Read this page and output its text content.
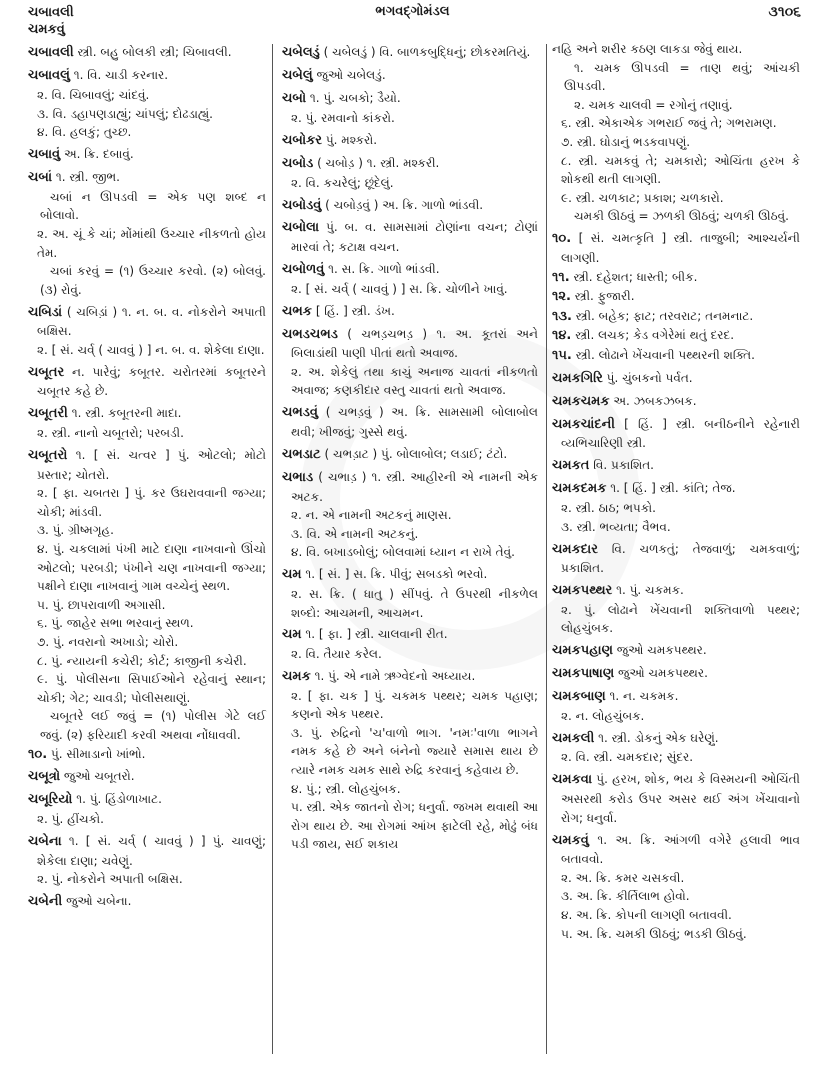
ચબાવલી
ચમકવું
ભગવદ્ગોમંડલ	૩૧૦૬
ચબાવલી સ્ત્રી. બહુ બોલકી સ્ત્રી; ચિબાવલી.
ચબાવલું ૧. વિ. ચાડી કરનાર.
૨. વિ. ચિબાવલું; ચાંદવું.
૩. વિ. ડહાપણડાહ્યું; ચાંપલું; દોઢડાહ્યું.
૪. વિ. હલકું; તુચ્છ.
ચબાવું અ. ક્રિ. દબાવું.
ચબાં ૧. સ્ત્રી. જીભ.
ચબાં ન ઊપડવી = એક પણ શબ્દ ન બોલાવો.
૨. અ. ચૂં કે ચાં; મોંમાંથી ઉચ્ચાર નીકળતો હોય તેમ.
ચબાં કરવું = (૧) ઉચ્ચાર કરવો. (૨) બોલવું. (૩) રોવું.
ચબિડાં ( ચબિડ઼ાં ) ૧. ન. બ. વ. નોકરોને અપાતી બક્ષિસ.
૨. [ સં. ચર્વ્ ( ચાવવું ) ] ન. બ. વ. શેકેલા દાણા.
ચબૂતર ન. પારેવું; કબૂતર. ચરોતરમાં કબૂતરને ચબૂતર કહે છે.
ચબૂતરી ૧. સ્ત્રી. કબૂતરની માદા.
૨. સ્ત્રી. નાનો ચબૂતરો; પરબડી.
ચબૂતરો ૧. [ સં. ચત્વર ] પું. ઓટલો; મોટો પ્રસ્તાર; ચોતરો.
૨. [ ફા. ચબતરા ] પું. કર ઉઘરાવવાની જગ્યા; ચોકી; માંડવી.
૩. પું. ગ્રીષ્મગૃહ.
૪. પું. ચકલામાં પંખી માટે દાણા નાખવાનો ઊંચો ઓટલો; પરબડી; પંખીને ચણ નાખવાની જગ્યા; પક્ષીને દાણા નાખવાનું ગામ વચ્ચેનું સ્થળ.
૫. પું. છાપરાવાળી અગાસી.
૬. પું. જાહેર સભા ભરવાનું સ્થળ.
૭. પું. નવરાનો અખાડો; ચોરો.
૮. પું. ન્યાયની કચેરી; કોર્ટ; કાજીની કચેરી.
૯. પું. પોલીસના સિપાઈઓને રહેવાનું સ્થાન; ચોકી; ગેટ; ચાવડી; પોલીસથાણું.
ચબૂતરે લઈ જવું = (૧) પોલીસ ગેટે લઈ જવું. (૨) ફરિયાદી કરવી અથવા નોંધાવવી.
૧૦. પું. સીમાડાનો ખાંભો.
ચબૂત્રો જુઓ ચબૂતરો.
ચબૂરિયો ૧. પું. હિંડોળાખાટ.
૨. પું. હીંચકો.
ચબેના ૧. [ સં. ચર્વ્ ( ચાવવું ) ] પું. ચાવણું; શેકેલા દાણા; ચવેણું.
૨. પું. નોકરોને અપાતી બક્ષિસ.
ચબેની જુઓ ચબેના.
ચબેલડું ( ચબેલડું ) વિ. બાળકબુદ્ધિનું; છોકરમતિયું.
ચબેલું જુઓ ચબેલડું.
ચબો ૧. પું. ચબકો; ડૈયો.
૨. પું. રમવાનો કાંકરો.
ચબોકર પું. મશ્કરો.
ચબોડ ( ચબોડ઼ ) ૧. સ્ત્રી. મશ્કરી.
૨. વિ. કચરેલું; છૂંદેલું.
ચબોડવું ( ચબોડ઼વું ) અ. ક્રિ. ગાળો ભાંડવી.
ચબોલા પું. બ. વ. સામસામાં ટોણાંના વચન; ટોણાં મારવાં તે; કટાક્ષ વચન.
ચબોળવું ૧. સ. ક્રિ. ગાળો ભાંડવી.
૨. [ સં. ચર્વ્ ( ચાવવું ) ] સ. ક્રિ. ચોળીને ખાવું.
ચભક [ હિં. ] સ્ત્રી. ડંખ.
ચભડચભડ ( ચભડ઼ચભડ઼ ) ૧. અ. કૂતરાં અને બિલાડાંથી પાણી પીતાં થતો અવાજ.
૨. અ. શેકેલું તથા કાચું અનાજ ચાવતાં નીકળતો અવાજ; કણકીદાર વસ્તુ ચાવતાં થતો અવાજ.
ચભડવું ( ચભડ઼વું ) અ. ક્રિ. સામસામી બોલાબોલ થવી; ખીજવું; ગુસ્સે થવું.
ચભડાટ ( ચભડ઼ાટ ) પું. બોલાબોલ; લડાઈ; ટંટો.
ચભાડ ( ચભાડ઼ ) ૧. સ્ત્રી. આહીરની એ નામની એક અટક.
૨. ન. એ નામની અટકનું માણસ.
૩. વિ. એ નામની અટકનું.
૪. વિ. બખાડબોલું; બોલવામાં ધ્યાન ન રાખે તેવું.
ચમ ૧. [ સં. ] સ. ક્રિ. પીવું; સબડકો ભરવો.
૨. સ. ક્રિ. ( ધાતુ ) સીંપવું. તે ઉપરથી નીકળેલ શબ્દો: આચમની, આચમન.
ચમ ૧. [ ફા. ] સ્ત્રી. ચાલવાની રીત.
૨. વિ. તૈયાર કરેલ.
ચમક ૧. પું. એ નામે ઋગ્વેદનો અધ્યાય.
૨. [ ફા. ચક ] પું. ચકમક પથ્થર; ચમક પહાણ; કણનો એક પથ્થર.
૩. પું. રુદ્રિનો 'ચ'વાળો ભાગ. 'નમઃ'વાળા ભાગને નમક કહે છે અને બંનેનો જ્યારે સમાસ થાય છે ત્યારે નમક ચમક સાથે રુદ્રિ કરવાનું કહેવાય છે.
૪. પું.; સ્ત્રી. લોહચુંબક.
૫. સ્ત્રી. એક જાતનો રોગ; ધનુર્વા. જખમ થવાથી આ રોગ થાય છે. આ રોગમાં આંખ ફાટેલી રહે, મોઢું બંધ પડી જાય, સઈ શકાય
નહિ અને શરીર કઠણ લાકડા જેવું થાય.
૧. ચમક ઊપડવી = તાણ થવું; આંચકી ઊપડવી.
૨. ચમક ચાલવી = રગોનું તણાવું.
૬. સ્ત્રી. એકાએક ગભરાઈ જવું તે; ગભરામણ.
૭. સ્ત્રી. ઘોડાનું ભડકવાપણું.
૮. સ્ત્રી. ચમકવું તે; ચમકારો; ઓચિંતા હરખ કે શોકથી થતી લાગણી.
૯. સ્ત્રી. ચળકાટ; પ્રકાશ; ચળકારો.
ચમકી ઊઠવું = ઝળકી ઊઠવું; ચળકી ઊઠવું.
૧૦. [ સં. ચમત્કૃતિ ] સ્ત્રી. તાજુબી; આશ્ચર્યની લાગણી.
૧૧. સ્ત્રી. દહેશત; ધાસ્તી; બીક.
૧૨. સ્ત્રી. ફુજારી.
૧૩. સ્ત્રી. બહેક; ફાટ; તરવરાટ; તનમનાટ.
૧૪. સ્ત્રી. લચક; કેડ વગેરેમાં થતું દરદ.
૧૫. સ્ત્રી. લોઢાને ખેંચવાની પથ્થરની શક્તિ.
ચમકગિરિ પું. ચુંબકનો પર્વત.
ચમકચમક અ. ઝબકઝબક.
ચમકચાંદની [ હિં. ] સ્ત્રી. બનીઠનીને રહેનારી વ્યભિચારિણી સ્ત્રી.
ચમકત વિ. પ્રકાશિત.
ચમકદમક ૧. [ હિં. ] સ્ત્રી. કાંતિ; તેજ.
૨. સ્ત્રી. ઠાઠ; ભપકો.
૩. સ્ત્રી. ભવ્યતા; વૈભવ.
ચમકદાર વિ. ચળકતું; તેજવાળું; ચમકવાળું; પ્રકાશિત.
ચમકપથ્થર ૧. પું. ચકમક.
૨. પું. લોઢાને ખેંચવાની શક્તિવાળો પથ્થર; લોહચુંબક.
ચમકપહાણ જુઓ ચમકપથ્થર.
ચમકપાષાણ જુઓ ચમકપથ્થર.
ચમકબાણ ૧. ન. ચકમક.
૨. ન. લોહચુંબક.
ચમકલી ૧. સ્ત્રી. ડોકનું એક ઘરેણું.
૨. વિ. સ્ત્રી. ચમકદાર; સુંદર.
ચમકવા પું. હરખ, શોક, ભય કે વિસ્મયની ઓચિંતી અસરથી કરોડ ઉપર અસર થઈ અંગ ખેંચાવાનો રોગ; ધનુર્વા.
ચમકવું ૧. અ. ક્રિ. આંગળી વગેરે હલાવી ભાવ બતાવવો.
૨. અ. ક્રિ. કમર ચસકવી.
૩. અ. ક્રિ. કીર્તિલાભ હોવો.
૪. અ. ક્રિ. કોપની લાગણી બતાવવી.
૫. અ. ક્રિ. ચમકી ઊઠવું; ભડકી ઊઠવું.
